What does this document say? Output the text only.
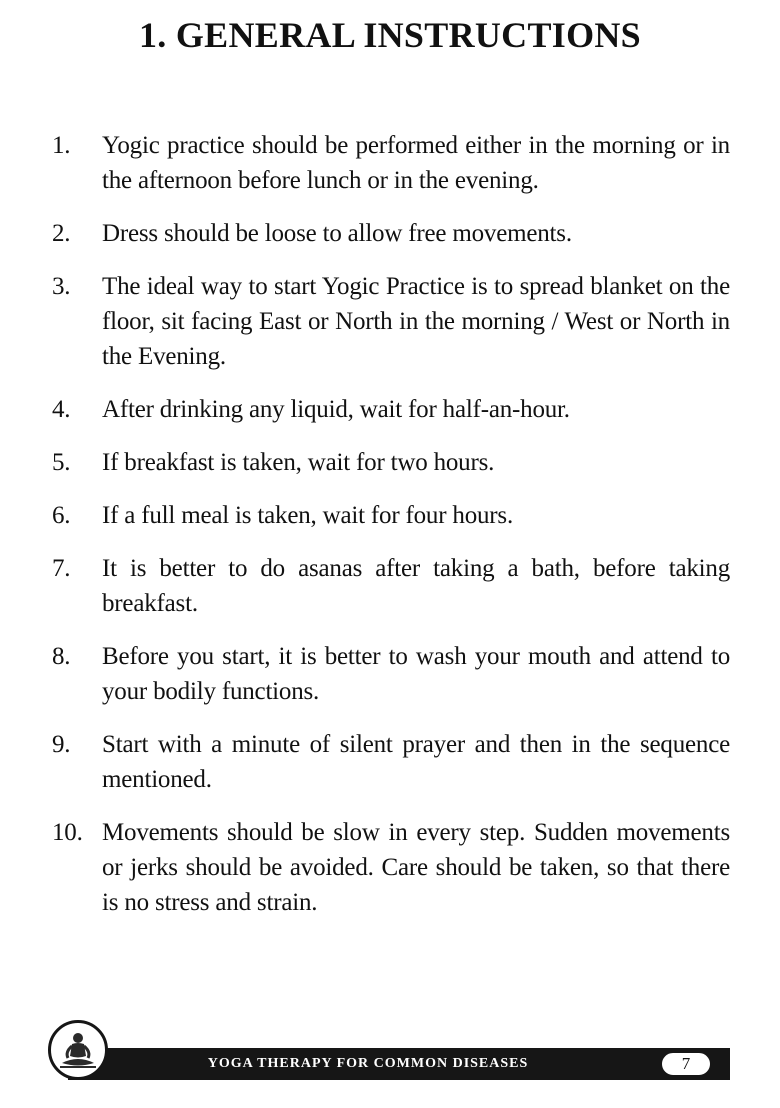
1. GENERAL INSTRUCTIONS
1. Yogic practice should be performed either in the morning or in the afternoon before lunch or in the evening.
2. Dress should be loose to allow free movements.
3. The ideal way to start Yogic Practice is to spread blanket on the floor, sit facing East or North in the morning / West or North in the Evening.
4. After drinking any liquid, wait for half-an-hour.
5. If breakfast is taken, wait for two hours.
6. If a full meal is taken, wait for four hours.
7. It is better to do asanas after taking a bath, before taking breakfast.
8. Before you start, it is better to wash your mouth and attend to your bodily functions.
9. Start with a minute of silent prayer and then in the sequence mentioned.
10. Movements should be slow in every step. Sudden movements or jerks should be avoided. Care should be taken, so that there is no stress and strain.
YOGA THERAPY FOR COMMON DISEASES	7
